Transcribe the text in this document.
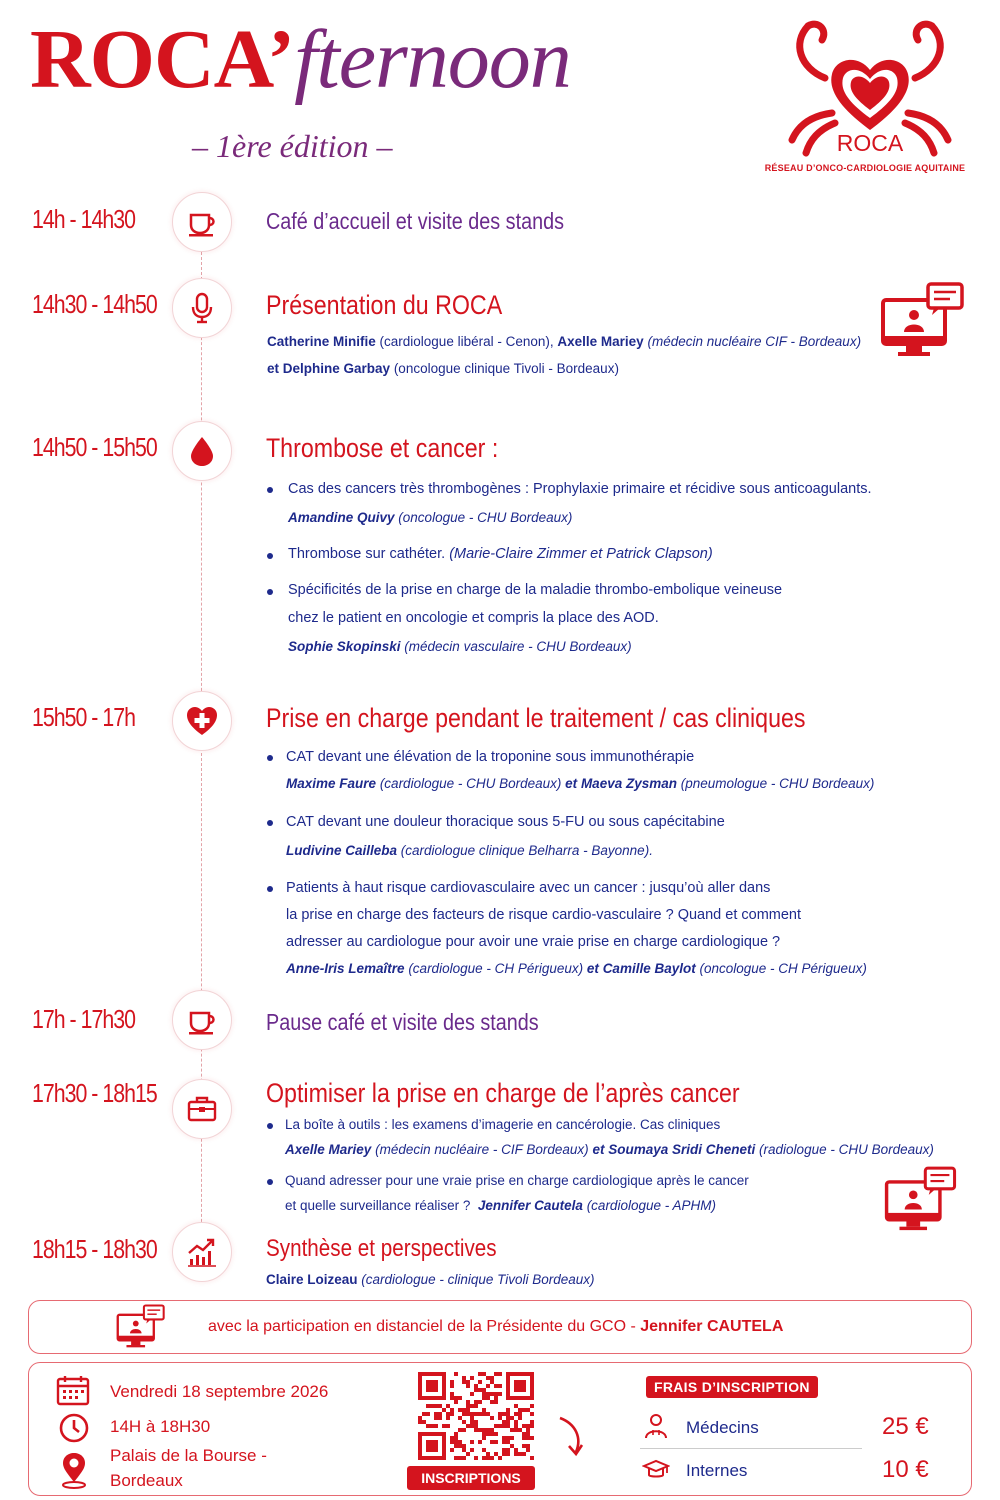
ROCA’fternoon
– 1ère édition –	ROCA
RÉSEAU D’ONCO-CARDIOLOGIE AQUITAINE
14h - 14h30	Café d’accueil et visite des stands
14h30 - 14h50	Présentation du ROCA
Catherine Minifie (cardiologue libéral - Cenon), Axelle Mariey (médecin nucléaire CIF - Bordeaux)
et Delphine Garbay (oncologue clinique Tivoli - Bordeaux)
14h50 - 15h50	Thrombose et cancer :
Cas des cancers très thrombogènes : Prophylaxie primaire et récidive sous anticoagulants.
Amandine Quivy (oncologue - CHU Bordeaux)
Thrombose sur cathéter. (Marie-Claire Zimmer et Patrick Clapson)
Spécificités de la prise en charge de la maladie thrombo-embolique veineuse
chez le patient en oncologie et compris la place des AOD.
Sophie Skopinski (médecin vasculaire - CHU Bordeaux)
15h50 - 17h	Prise en charge pendant le traitement / cas cliniques
CAT devant une élévation de la troponine sous immunothérapie
Maxime Faure (cardiologue - CHU Bordeaux) et Maeva Zysman (pneumologue - CHU Bordeaux)
CAT devant une douleur thoracique sous 5-FU ou sous capécitabine
Ludivine Cailleba (cardiologue clinique Belharra - Bayonne).
Patients à haut risque cardiovasculaire avec un cancer : jusqu’où aller dans
la prise en charge des facteurs de risque cardio-vasculaire ? Quand et comment
adresser au cardiologue pour avoir une vraie prise en charge cardiologique ?
Anne-Iris Lemaître (cardiologue - CH Périgueux) et Camille Baylot (oncologue - CH Périgueux)
17h - 17h30	Pause café et visite des stands
17h30 - 18h15	Optimiser la prise en charge de l’après cancer
La boîte à outils : les examens d’imagerie en cancérologie. Cas cliniques
Axelle Mariey (médecin nucléaire - CIF Bordeaux) et Soumaya Sridi Cheneti (radiologue - CHU Bordeaux)
Quand adresser pour une vraie prise en charge cardiologique après le cancer
et quelle surveillance réaliser ? Jennifer Cautela (cardiologue - APHM)
18h15 - 18h30	Synthèse et perspectives
Claire Loizeau (cardiologue - clinique Tivoli Bordeaux)
avec la participation en distanciel de la Présidente du GCO - Jennifer CAUTELA
Vendredi 18 septembre 2026
14H à 18H30
Palais de la Bourse -
Bordeaux	INSCRIPTIONS
FRAIS D’INSCRIPTION
Médecins	25 €
Internes	10 €
